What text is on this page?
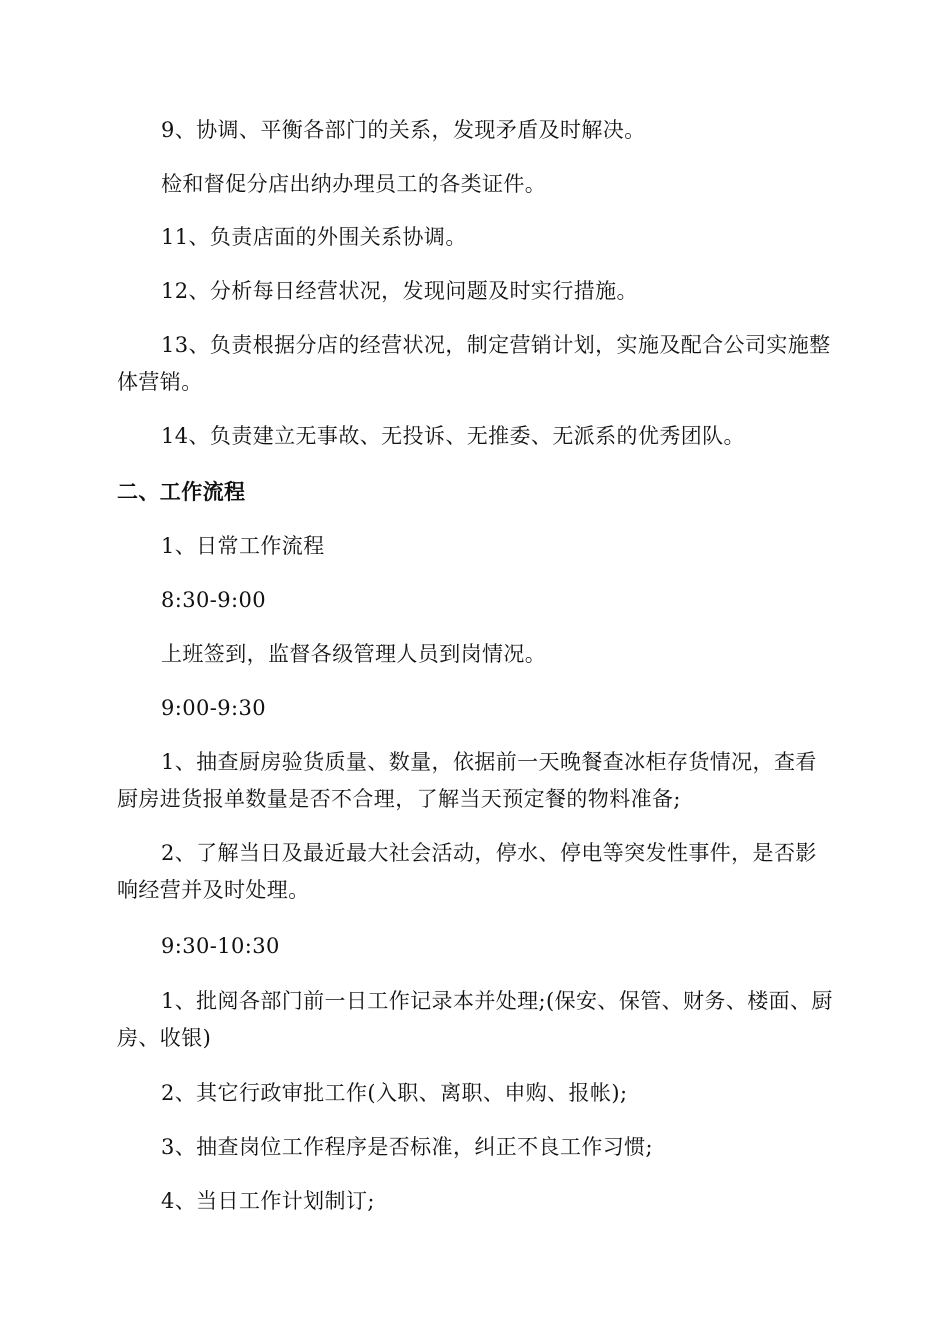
9、协调、平衡各部门的关系，发现矛盾及时解决。

检和督促分店出纳办理员工的各类证件。

11、负责店面的外围关系协调。

12、分析每日经营状况，发现问题及时实行措施。

13、负责根据分店的经营状况，制定营销计划，实施及配合公司实施整体营销。

14、负责建立无事故、无投诉、无推委、无派系的优秀团队。

二、工作流程

1、日常工作流程

8:30-9:00

上班签到，监督各级管理人员到岗情况。

9:00-9:30

1、抽查厨房验货质量、数量，依据前一天晚餐查冰柜存货情况，查看厨房进货报单数量是否不合理，了解当天预定餐的物料准备;

2、了解当日及最近最大社会活动，停水、停电等突发性事件，是否影响经营并及时处理。

9:30-10:30

1、批阅各部门前一日工作记录本并处理;(保安、保管、财务、楼面、厨房、收银)

2、其它行政审批工作(入职、离职、申购、报帐);

3、抽查岗位工作程序是否标准，纠正不良工作习惯;

4、当日工作计划制订;
